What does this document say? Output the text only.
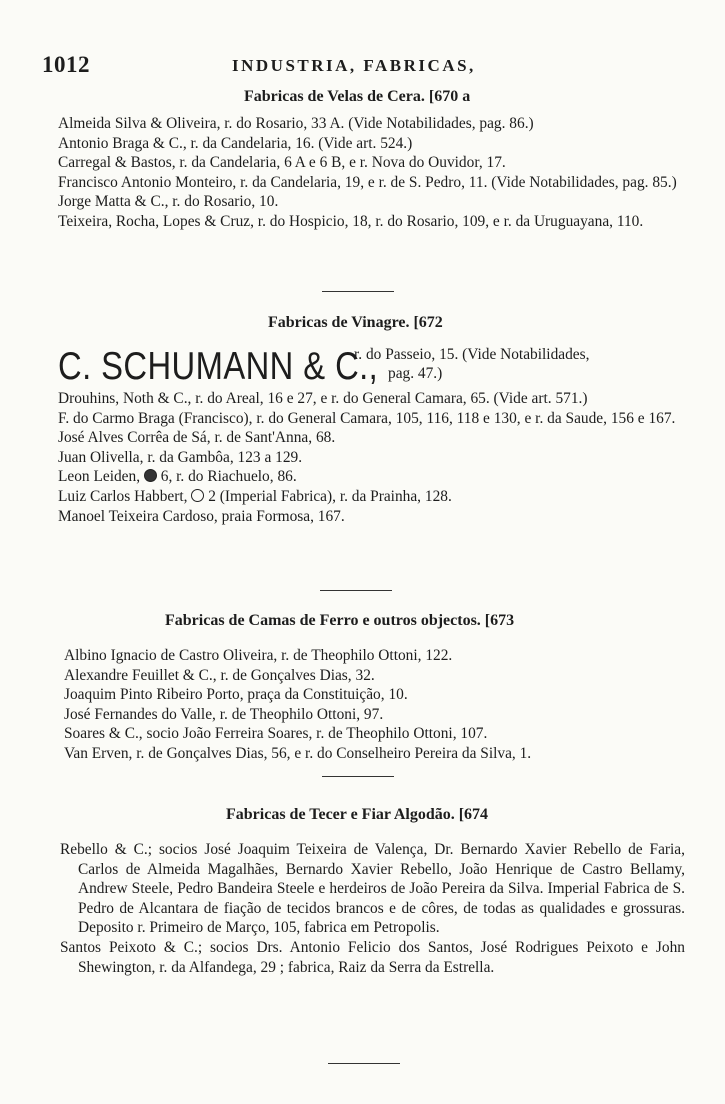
1012	INDUSTRIA, FABRICAS,
Fabricas de Velas de Cera. [670 a
Almeida Silva & Oliveira, r. do Rosario, 33 A. (Vide Notabilidades, pag. 86.)
Antonio Braga & C., r. da Candelaria, 16. (Vide art. 524.)
Carregal & Bastos, r. da Candelaria, 6 A e 6 B, e r. Nova do Ouvidor, 17.
Francisco Antonio Monteiro, r. da Candelaria, 19, e r. de S. Pedro, 11. (Vide Notabilidades, pag. 85.)
Jorge Matta & C., r. do Rosario, 10.
Teixeira, Rocha, Lopes & Cruz, r. do Hospicio, 18, r. do Rosario, 109, e r. da Uruguayana, 110.
Fabricas de Vinagre. [672
C. SCHUMANN & C.,
r. do Passeio, 15. (Vide Notabilidades,
pag. 47.)
Drouhins, Noth & C., r. do Areal, 16 e 27, e r. do General Camara, 65. (Vide art. 571.)
F. do Carmo Braga (Francisco), r. do General Camara, 105, 116, 118 e 130, e r. da Saude, 156 e 167.
José Alves Corrêa de Sá, r. de Sant'Anna, 68.
Juan Olivella, r. da Gambôa, 123 a 129.
Leon Leiden,  6, r. do Riachuelo, 86.
Luiz Carlos Habbert,  2 (Imperial Fabrica), r. da Prainha, 128.
Manoel Teixeira Cardoso, praia Formosa, 167.
Fabricas de Camas de Ferro e outros objectos. [673
Albino Ignacio de Castro Oliveira, r. de Theophilo Ottoni, 122.
Alexandre Feuillet & C., r. de Gonçalves Dias, 32.
Joaquim Pinto Ribeiro Porto, praça da Constituição, 10.
José Fernandes do Valle, r. de Theophilo Ottoni, 97.
Soares & C., socio João Ferreira Soares, r. de Theophilo Ottoni, 107.
Van Erven, r. de Gonçalves Dias, 56, e r. do Conselheiro Pereira da Silva, 1.
Fabricas de Tecer e Fiar Algodão. [674
Rebello & C.; socios José Joaquim Teixeira de Valença, Dr. Bernardo Xavier Rebello de Faria, Carlos de Almeida Magalhães, Bernardo Xavier Rebello, João Henrique de Castro Bellamy, Andrew Steele, Pedro Bandeira Steele e herdeiros de João Pereira da Silva. Imperial Fabrica de S. Pedro de Alcantara de fiação de tecidos brancos e de côres, de todas as qualidades e grossuras. Deposito r. Primeiro de Março, 105, fabrica em Petropolis.
Santos Peixoto & C.; socios Drs. Antonio Felicio dos Santos, José Rodrigues Peixoto e John Shewington, r. da Alfandega, 29 ; fabrica, Raiz da Serra da Estrella.
